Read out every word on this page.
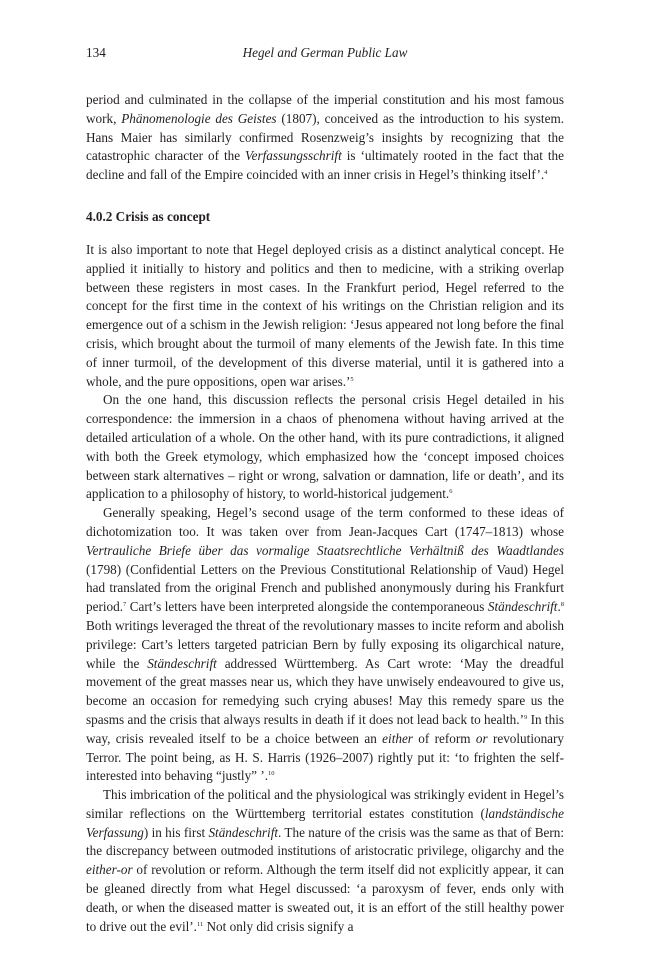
134	Hegel and German Public Law

period and culminated in the collapse of the imperial constitution and his most famous work, Phänomenologie des Geistes (1807), conceived as the introduction to his system. Hans Maier has similarly confirmed Rosenzweig’s insights by recognizing that the catastrophic character of the Verfassungsschrift is ‘ultimately rooted in the fact that the decline and fall of the Empire coincided with an inner crisis in Hegel’s thinking itself’.$^4$

4.0.2 Crisis as concept

It is also important to note that Hegel deployed crisis as a distinct analytical concept. He applied it initially to history and politics and then to medicine, with a striking overlap between these registers in most cases. In the Frankfurt period, Hegel referred to the concept for the first time in the context of his writings on the Christian religion and its emergence out of a schism in the Jewish religion: ‘Jesus appeared not long before the final crisis, which brought about the turmoil of many elements of the Jewish fate. In this time of inner turmoil, of the development of this diverse material, until it is gathered into a whole, and the pure oppositions, open war arises.’$^5$

On the one hand, this discussion reflects the personal crisis Hegel detailed in his correspondence: the immersion in a chaos of phenomena without having arrived at the detailed articulation of a whole. On the other hand, with its pure contradictions, it aligned with both the Greek etymology, which emphasized how the ‘concept imposed choices between stark alternatives – right or wrong, salvation or damnation, life or death’, and its application to a philosophy of history, to world-historical judgement.$^6$

Generally speaking, Hegel’s second usage of the term conformed to these ideas of dichotomization too. It was taken over from Jean-Jacques Cart (1747–1813) whose Vertrauliche Briefe über das vormalige Staatsrechtliche Verhältniß des Waadtlandes (1798) (Confidential Letters on the Previous Constitutional Relationship of Vaud) Hegel had translated from the original French and published anonymously during his Frankfurt period.$^7$ Cart’s letters have been interpreted alongside the contemporaneous Ständeschrift.$^8$ Both writings leveraged the threat of the revolutionary masses to incite reform and abolish privilege: Cart’s letters targeted patrician Bern by fully exposing its oligarchical nature, while the Ständeschrift addressed Württemberg. As Cart wrote: ‘May the dreadful movement of the great masses near us, which they have unwisely endeavoured to give us, become an occasion for remedying such crying abuses! May this remedy spare us the spasms and the crisis that always results in death if it does not lead back to health.’$^9$ In this way, crisis revealed itself to be a choice between an either of reform or revolutionary Terror. The point being, as H. S. Harris (1926–2007) rightly put it: ‘to frighten the self-interested into behaving “justly” ’.$^{10}$

This imbrication of the political and the physiological was strikingly evident in Hegel’s similar reflections on the Württemberg territorial estates constitution (landständische Verfassung) in his first Ständeschrift. The nature of the crisis was the same as that of Bern: the discrepancy between outmoded institutions of aristocratic privilege, oligarchy and the either-or of revolution or reform. Although the term itself did not explicitly appear, it can be gleaned directly from what Hegel discussed: ‘a paroxysm of fever, ends only with death, or when the diseased matter is sweated out, it is an effort of the still healthy power to drive out the evil’.$^{11}$ Not only did crisis signify a
